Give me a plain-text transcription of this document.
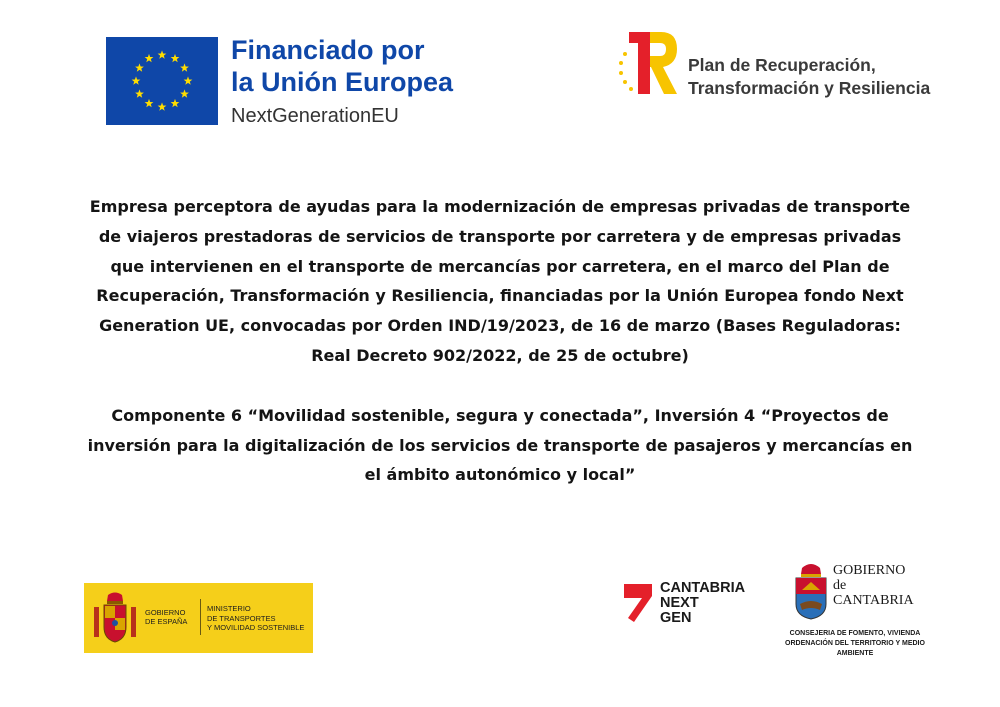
Financiado por
la Unión Europea
NextGenerationEU
Plan de Recuperación,
Transformación y Resiliencia
Empresa perceptora de ayudas para la modernización de empresas privadas de transporte de viajeros prestadoras de servicios de transporte por carretera y de empresas privadas que intervienen en el transporte de mercancías por carretera, en el marco del Plan de Recuperación, Transformación y Resiliencia, financiadas por la Unión Europea fondo Next Generation UE, convocadas por Orden IND/19/2023, de 16 de marzo (Bases Reguladoras: Real Decreto 902/2022, de 25 de octubre)
Componente 6 “Movilidad sostenible, segura y conectada”, Inversión 4 “Proyectos de inversión para la digitalización de los servicios de transporte de pasajeros y mercancías en el ámbito autonómico y local”
GOBIERNO
DE ESPAÑA
MINISTERIO
DE TRANSPORTES
Y MOVILIDAD SOSTENIBLE
CANTABRIA
NEXT
GEN
GOBIERNO
de
CANTABRIA
CONSEJERIA DE FOMENTO, VIVIENDA ORDENACIÓN DEL TERRITORIO Y MEDIO AMBIENTE
